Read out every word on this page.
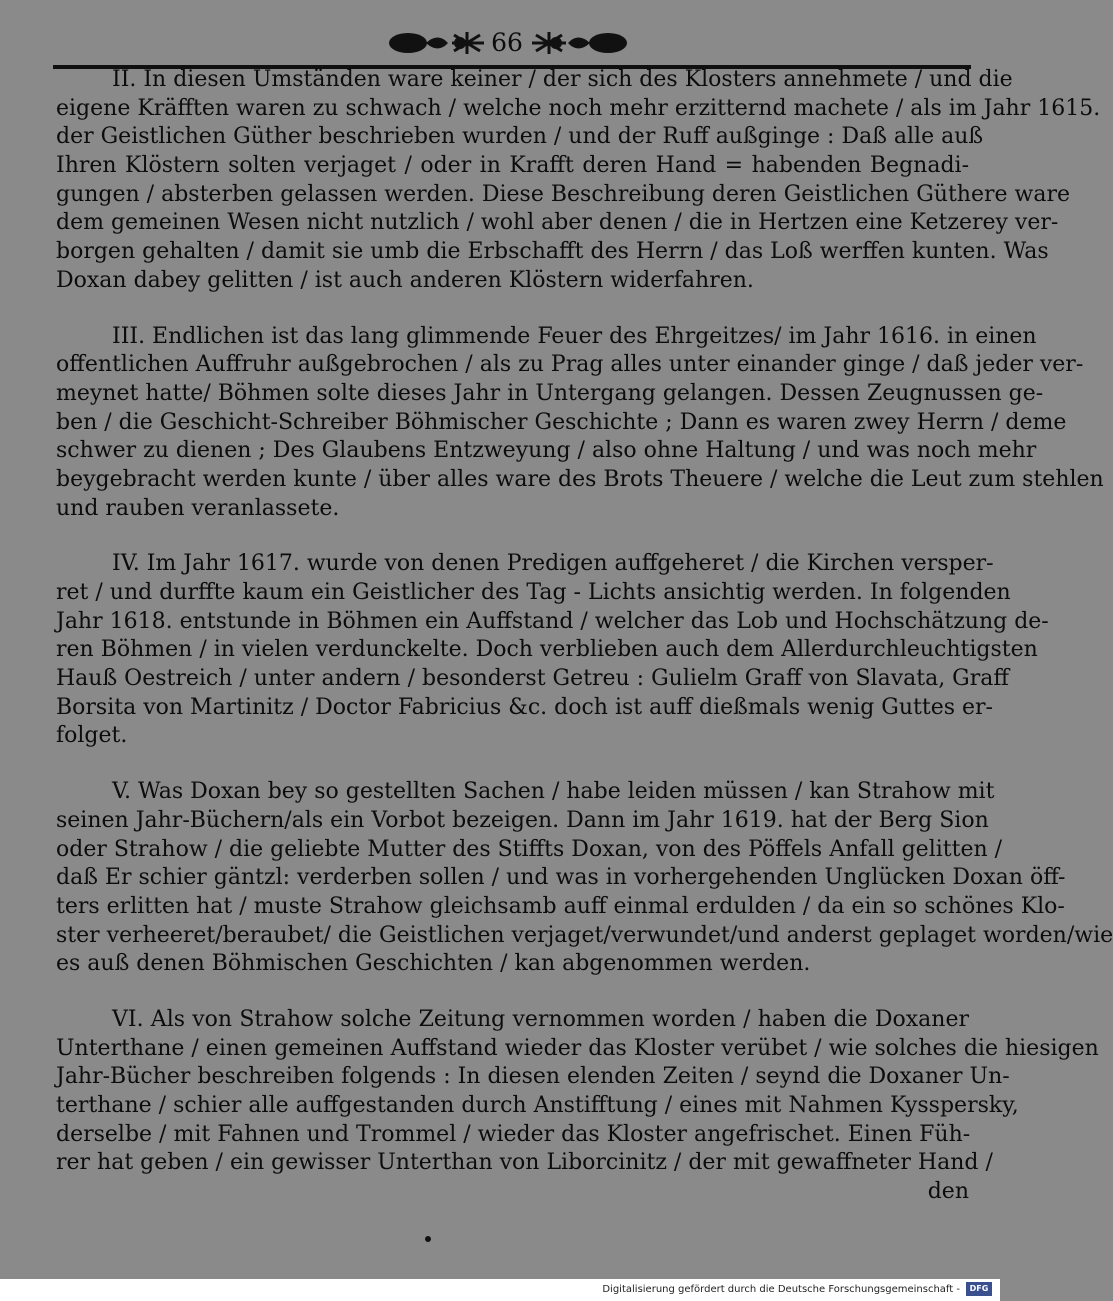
66
II. In diesen Umständen ware keiner / der sich des Klosters annehmete / und die
eigene Kräfften waren zu schwach / welche noch mehr erzitternd machete / als im Jahr 1615.
der Geistlichen Güther beschrieben wurden / und der Ruff außginge : Daß alle auß
Ihren Klöstern solten verjaget / oder in Krafft deren Hand = habenden Begnadi-
gungen / absterben gelassen werden. Diese Beschreibung deren Geistlichen Güthere ware
dem gemeinen Wesen nicht nutzlich / wohl aber denen / die in Hertzen eine Ketzerey ver-
borgen gehalten / damit sie umb die Erbschafft des Herrn / das Loß werffen kunten. Was
Doxan dabey gelitten / ist auch anderen Klöstern widerfahren.
III. Endlichen ist das lang glimmende Feuer des Ehrgeitzes/ im Jahr 1616. in einen
offentlichen Auffruhr außgebrochen / als zu Prag alles unter einander ginge / daß jeder ver-
meynet hatte/ Böhmen solte dieses Jahr in Untergang gelangen. Dessen Zeugnussen ge-
ben / die Geschicht-Schreiber Böhmischer Geschichte ; Dann es waren zwey Herrn / deme
schwer zu dienen ; Des Glaubens Entzweyung / also ohne Haltung / und was noch mehr
beygebracht werden kunte / über alles ware des Brots Theuere / welche die Leut zum stehlen
und rauben veranlassete.
IV. Im Jahr 1617. wurde von denen Predigen auffgeheret / die Kirchen versper-
ret / und durffte kaum ein Geistlicher des Tag - Lichts ansichtig werden. In folgenden
Jahr 1618. entstunde in Böhmen ein Auffstand / welcher das Lob und Hochschätzung de-
ren Böhmen / in vielen verdunckelte. Doch verblieben auch dem Allerdurchleuchtigsten
Hauß Oestreich / unter andern / besonderst Getreu : Gulielm Graff von Slavata, Graff
Borsita von Martinitz / Doctor Fabricius &c. doch ist auff dießmals wenig Guttes er-
folget.
V. Was Doxan bey so gestellten Sachen / habe leiden müssen / kan Strahow mit
seinen Jahr-Büchern/als ein Vorbot bezeigen. Dann im Jahr 1619. hat der Berg Sion
oder Strahow / die geliebte Mutter des Stiffts Doxan, von des Pöffels Anfall gelitten /
daß Er schier gäntzl: verderben sollen / und was in vorhergehenden Unglücken Doxan öff-
ters erlitten hat / muste Strahow gleichsamb auff einmal erdulden / da ein so schönes Klo-
ster verheeret/beraubet/ die Geistlichen verjaget/verwundet/und anderst geplaget worden/wie
es auß denen Böhmischen Geschichten / kan abgenommen werden.
VI. Als von Strahow solche Zeitung vernommen worden / haben die Doxaner
Unterthane / einen gemeinen Auffstand wieder das Kloster verübet / wie solches die hiesigen
Jahr-Bücher beschreiben folgends : In diesen elenden Zeiten / seynd die Doxaner Un-
terthane / schier alle auffgestanden durch Anstifftung / eines mit Nahmen Kysspersky,
derselbe / mit Fahnen und Trommel / wieder das Kloster angefrischet. Einen Füh-
rer hat geben / ein gewisser Unterthan von Liborcinitz / der mit gewaffneter Hand /
den
Digitalisierung gefördert durch die Deutsche Forschungsgemeinschaft -	DFG
